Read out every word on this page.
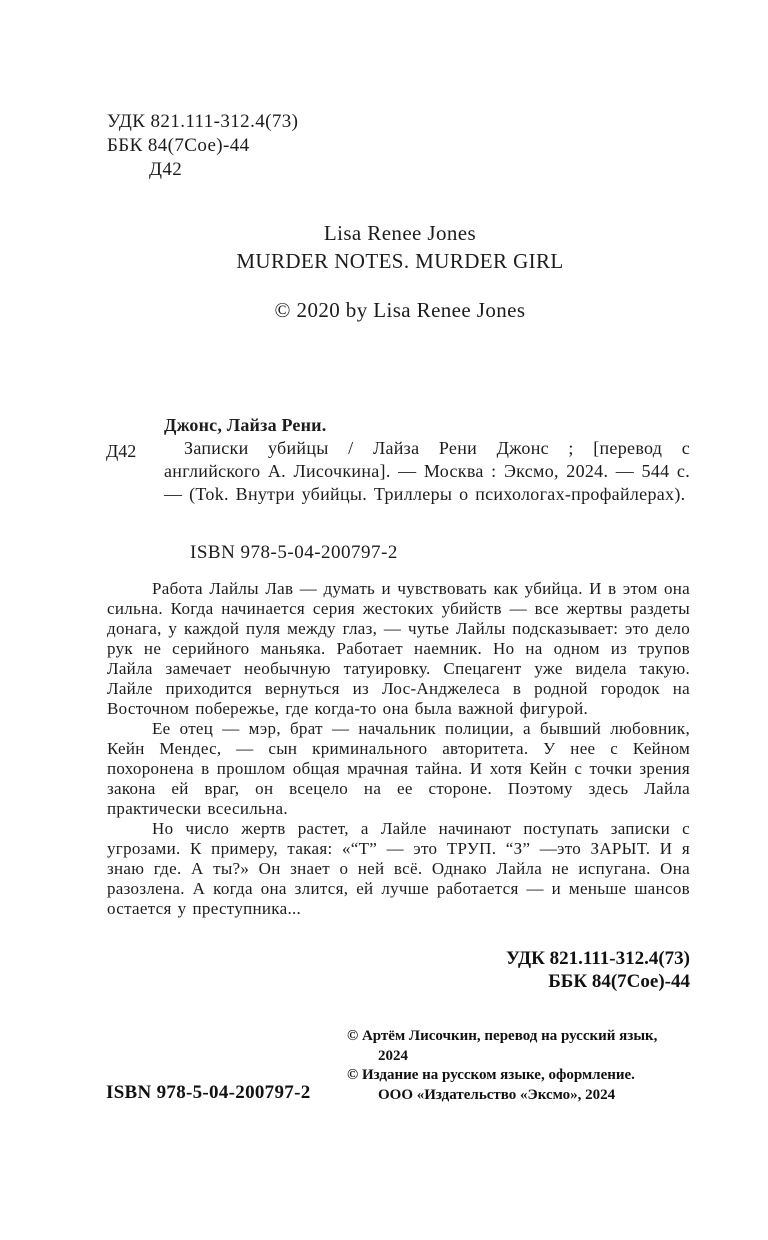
УДК 821.111-312.4(73)
ББК 84(7Сое)-44
Д42
Lisa Renee Jones
MURDER NOTES. MURDER GIRL
© 2020 by Lisa Renee Jones
Д42

Джонс, Лайза Рени.

Записки убийцы / Лайза Рени Джонс ; [перевод с английского А. Лисочкина]. — Москва : Эксмо, 2024. — 544 с. — (Tok. Внутри убийцы. Триллеры о психологах-профайлерах).

ISBN 978-5-04-200797-2

Работа Лайлы Лав — думать и чувствовать как убийца. И в этом она сильна. Когда начинается серия жестоких убийств — все жертвы раздеты донага, у каждой пуля между глаз, — чутье Лайлы подсказывает: это дело рук не серийного маньяка. Работает наемник. Но на одном из трупов Лайла замечает необычную татуировку. Спецагент уже видела такую. Лайле приходится вернуться из Лос-Анджелеса в родной городок на Восточном побережье, где когда-то она была важной фигурой.

Ее отец — мэр, брат — начальник полиции, а бывший любовник, Кейн Мендес, — сын криминального авторитета. У нее с Кейном похоронена в прошлом общая мрачная тайна. И хотя Кейн с точки зрения закона ей враг, он всецело на ее стороне. Поэтому здесь Лайла практически всесильна.

Но число жертв растет, а Лайле начинают поступать записки с угрозами. К примеру, такая: «“Т” — это ТРУП. “З” —это ЗАРЫТ. И я знаю где. А ты?» Он знает о ней всё. Однако Лайла не испугана. Она разозлена. А когда она злится, ей лучше работается — и меньше шансов остается у преступника...

УДК 821.111-312.4(73)
ББК 84(7Сое)-44
ISBN 978-5-04-200797-2
© Артём Лисочкин, перевод на русский язык,
2024
© Издание на русском языке, оформление.
ООО «Издательство «Эксмо», 2024
